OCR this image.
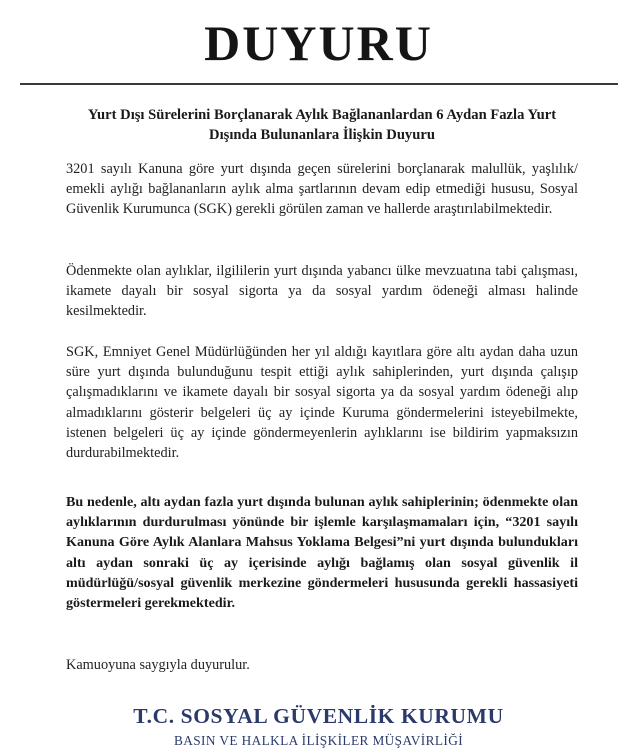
DUYURU
Yurt Dışı Sürelerini Borçlanarak Aylık Bağlananlardan 6 Aydan Fazla Yurt Dışında Bulunanlara İlişkin Duyuru
3201 sayılı Kanuna göre yurt dışında geçen sürelerini borçlanarak malullük, yaşlılık/ emekli aylığı bağlananların aylık alma şartlarının devam edip etmediği hususu, Sosyal Güvenlik Kurumunca (SGK) gerekli görülen zaman ve hallerde araştırılabilmektedir.
Ödenmekte olan aylıklar, ilgililerin yurt dışında yabancı ülke mevzuatına tabi çalışması, ikamete dayalı bir sosyal sigorta ya da sosyal yardım ödeneği alması halinde kesilmektedir.
SGK, Emniyet Genel Müdürlüğünden her yıl aldığı kayıtlara göre altı aydan daha uzun süre yurt dışında bulunduğunu tespit ettiği aylık sahiplerinden, yurt dışında çalışıp çalışmadıklarını ve ikamete dayalı bir sosyal sigorta ya da sosyal yardım ödeneği alıp almadıklarını gösterir belgeleri üç ay içinde Kuruma göndermelerini isteyebilmekte, istenen belgeleri üç ay içinde göndermeyenlerin aylıklarını ise bildirim yapmaksızın durdurabilmektedir.
Bu nedenle, altı aydan fazla yurt dışında bulunan aylık sahiplerinin; ödenmekte olan aylıklarının durdurulması yönünde bir işlemle karşılaşmamaları için, “3201 sayılı Kanuna Göre Aylık Alanlara Mahsus Yoklama Belgesi”ni yurt dışında bulundukları altı aydan sonraki üç ay içerisinde aylığı bağlamış olan sosyal güvenlik il müdürlüğü/sosyal güvenlik merkezine göndermeleri hususunda gerekli hassasiyeti göstermeleri gerekmektedir.
Kamuoyuna saygıyla duyurulur.
T.C. SOSYAL GÜVENLİK KURUMU
BASIN VE HALKLA İLİŞKİLER MÜŞAVİRLİĞİ
